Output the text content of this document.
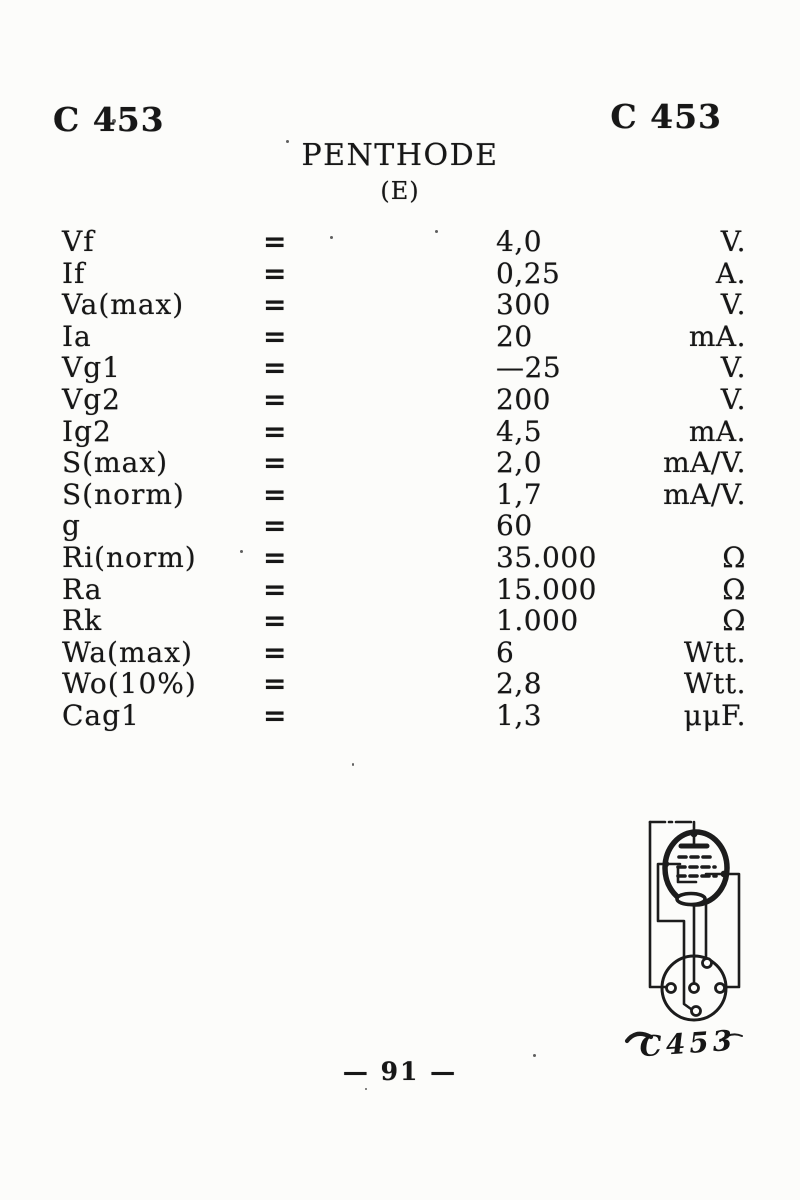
C 453	C 453
PENTHODE
(E)
Vf	=	4,0	V.
If	=	0,25	A.
Va(max)	=	300	V.
Ia	=	20	mA.
Vg1	=	—25	V.
Vg2	=	200	V.
Ig2	=	4,5	mA.
S(max)	=	2,0	mA/V.
S(norm)	=	1,7	mA/V.
g	=	60
Ri(norm)	=	35.000	Ω
Ra	=	15.000	Ω
Rk	=	1.000	Ω
Wa(max)	=	6	Wtt.
Wo(10%)	=	2,8	Wtt.
Cag1	=	1,3	μμF.
C453
— 91 —
